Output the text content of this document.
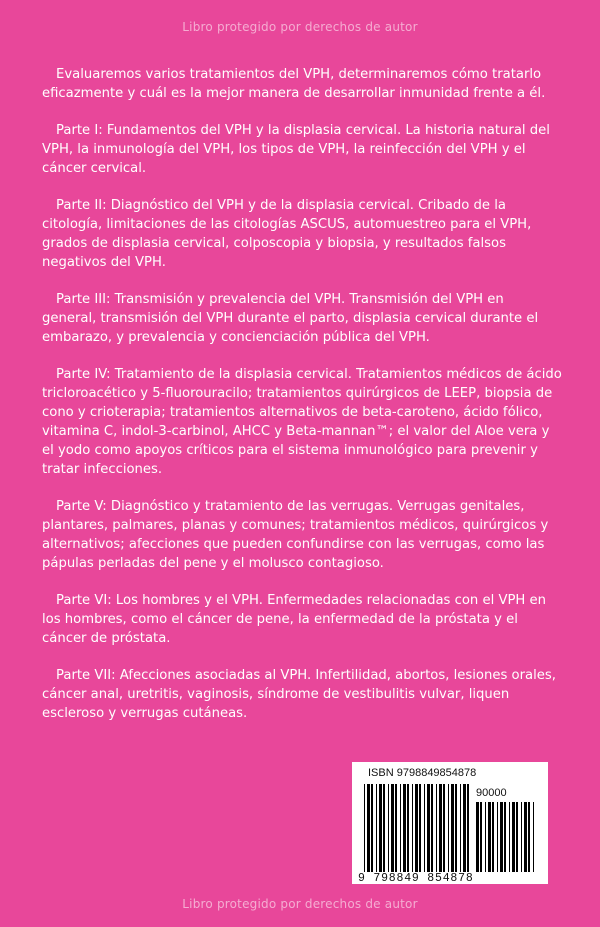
Libro protegido por derechos de autor

Evaluaremos varios tratamientos del VPH, determinaremos cómo tratarlo eficazmente y cuál es la mejor manera de desarrollar inmunidad frente a él.

Parte I: Fundamentos del VPH y la displasia cervical. La historia natural del VPH, la inmunología del VPH, los tipos de VPH, la reinfección del VPH y el cáncer cervical.

Parte II: Diagnóstico del VPH y de la displasia cervical. Cribado de la citología, limitaciones de las citologías ASCUS, automuestreo para el VPH, grados de displasia cervical, colposcopia y biopsia, y resultados falsos negativos del VPH.

Parte III: Transmisión y prevalencia del VPH. Transmisión del VPH en general, transmisión del VPH durante el parto, displasia cervical durante el embarazo, y prevalencia y concienciación pública del VPH.

Parte IV: Tratamiento de la displasia cervical. Tratamientos médicos de ácido tricloroacético y 5-fluorouracilo; tratamientos quirúrgicos de LEEP, biopsia de cono y crioterapia; tratamientos alternativos de beta-caroteno, ácido fólico, vitamina C, indol-3-carbinol, AHCC y Beta-mannan™; el valor del Aloe vera y el yodo como apoyos críticos para el sistema inmunológico para prevenir y tratar infecciones.

Parte V: Diagnóstico y tratamiento de las verrugas. Verrugas genitales, plantares, palmares, planas y comunes; tratamientos médicos, quirúrgicos y alternativos; afecciones que pueden confundirse con las verrugas, como las pápulas perladas del pene y el molusco contagioso.

Parte VI: Los hombres y el VPH. Enfermedades relacionadas con el VPH en los hombres, como el cáncer de pene, la enfermedad de la próstata y el cáncer de próstata.

Parte VII: Afecciones asociadas al VPH. Infertilidad, abortos, lesiones orales, cáncer anal, uretritis, vaginosis, síndrome de vestibulitis vulvar, liquen escleroso y verrugas cutáneas.

ISBN 9798849854878
90000
9 798849 854878
Libro protegido por derechos de autor
